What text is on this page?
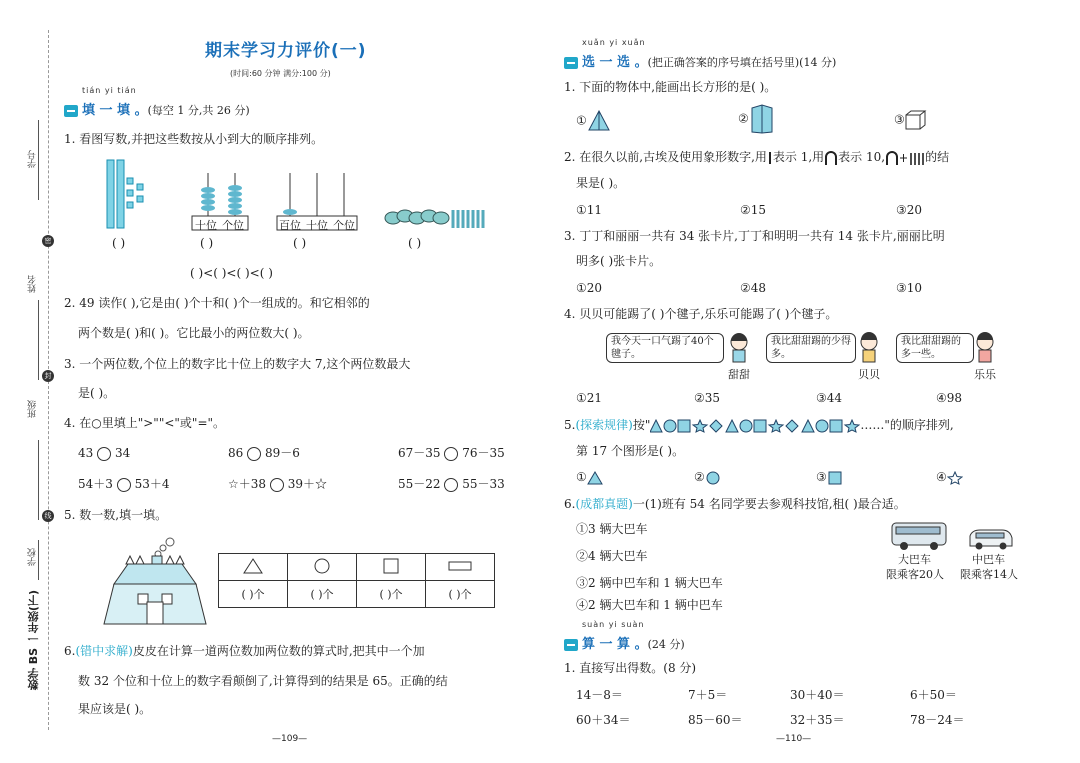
学号
姓名
班级
学校
密
封
线
数学 BS 一年级(下)
期末学习力评价(一)
(时间:60 分钟 满分:100 分)
tián yi tián
填 一 填 。(每空 1 分,共 26 分)
1. 看图写数,并把这些数按从小到大的顺序排列。
十位 个位	百位 十位 个位
( )	( )	( )	( )
( )<( )<( )<( )
2. 49 读作( ),它是由( )个十和( )个一组成的。和它相邻的
两个数是( )和( )。它比最小的两位数大( )。
3. 一个两位数,个位上的数字比十位上的数字大 7,这个两位数最大
是( )。
4. 在○里填上">""<"或"="。
43 34	86 89－6	67－35 76－35
54＋3 53＋4	☆＋38 39＋☆	55－22 55－33
5. 数一数,填一填。

( )个	( )个	( )个	( )个
6.(错中求解)皮皮在计算一道两位数加两位数的算式时,把其中一个加
数 32 个位和十位上的数字看颠倒了,计算得到的结果是 65。正确的结
果应该是( )。
—109—
xuǎn yi xuǎn
选 一 选 。(把正确答案的序号填在括号里)(14 分)
1. 下面的物体中,能画出长方形的是( )。
①	②	③
2. 在很久以前,古埃及使用象形数字,用 表示 1,用 表示 10,	的结
果是( )。
①11	②15	③20
3. 丁丁和丽丽一共有 34 张卡片,丁丁和明明一共有 14 张卡片,丽丽比明
明多( )张卡片。
①20	②48	③10
4. 贝贝可能踢了( )个毽子,乐乐可能踢了( )个毽子。
我今天一口气踢了40个毽子。
我比甜甜踢的少得多。
我比甜甜踢的多一些。
甜甜	贝贝	乐乐
①21	②35	③44	④98
5.(探索规律)按"	……"的顺序排列,
第 17 个图形是( )。
①	②	③	④
6.(成都真题)一(1)班有 54 名同学要去参观科技馆,租( )最合适。
①3 辆大巴车
②4 辆大巴车
③2 辆中巴车和 1 辆大巴车
④2 辆大巴车和 1 辆中巴车
大巴车
限乘客20人
中巴车
限乘客14人
suàn yi suàn
算 一 算 。(24 分)
1. 直接写出得数。(8 分)
14－8＝	7＋5＝	30＋40＝	6＋50＝
60＋34＝	85－60＝	32＋35＝	78－24＝
—110—
